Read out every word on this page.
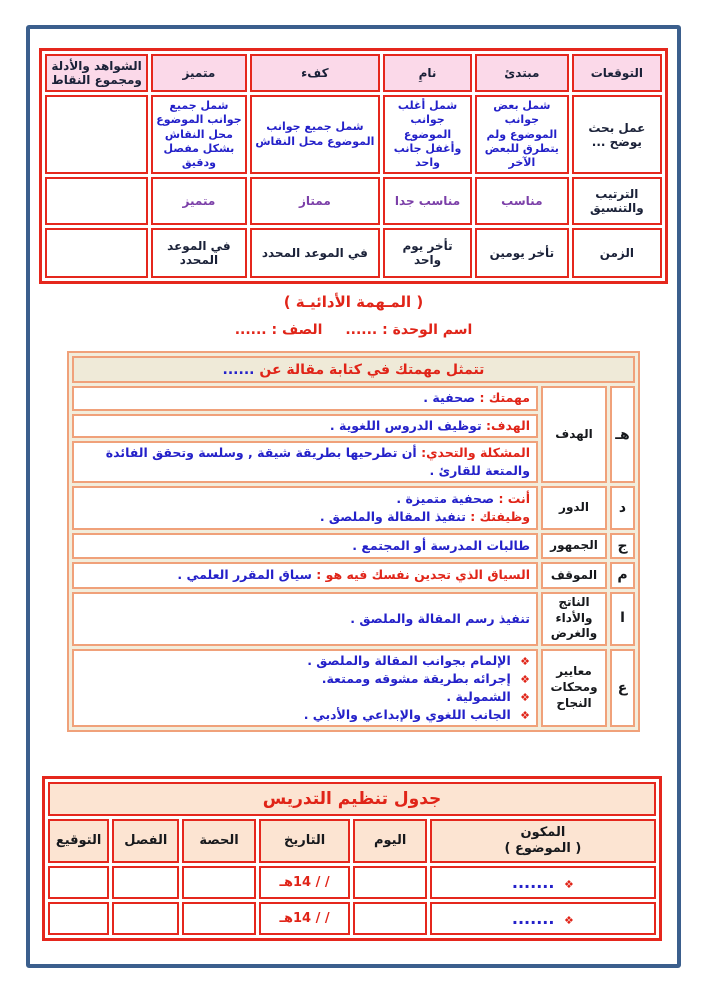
التوقعات	مبتدئ	نامِ	كفء	متميز	الشواهد والأدلة ومجموع النقاط
عمل بحث يوضح ...	شمل بعض جوانب الموضوع ولم يتطرق للبعض الآخر	شمل أغلب جوانب الموضوع وأغفل جانب واحد	شمل جميع جوانب الموضوع محل النقاش	شمل جميع جوانب الموضوع محل النقاش بشكل مفصل ودقيق	
الترتيب والتنسيق	مناسب	مناسب جدا	ممتاز	متميز	
الزمن	تأخر يومين	تأخر يوم واحد	في الموعد المحدد	في الموعد المحدد	
( المـهمة الأدائيـة )
اسم الوحدة : ...... الصف : ......
تتمثل مهمتك في كتابة مقالة عن ......		
هـ	الهدف	مهمتك : صحفية .
		الهدف: توظيف الدروس اللغوية .
		المشكلة والتحدي: أن تطرحيها بطريقة شيقة , وسلسة وتحقق الفائدة والمتعة للقارئ .
د	الدور	أنت : صحفية متميزة .
وظيفتك : تنفيذ المقالة والملصق .

ج	الجمهور	طالبات المدرسة أو المجتمع .
م	الموقف	السياق الذي تجدين نفسك فيه هو : سياق المقرر العلمي .
ا	الناتج والأداء والغرض	تنفيذ رسم المقالة والملصق .
ع	معايير ومحكات النجاح	
❖ الإلمام بجوانب المقالة والملصق .
❖ إجرائه بطريقة مشوقه وممتعة.
❖ الشمولية .
❖ الجانب اللغوي والإبداعي والأدبي .
جدول تنظيم التدريس					

المكون
( الموضوع )	اليوم	التاريخ	الحصة	الفصل	التوقيع
❖ .......		/ / 14هـ			
❖ .......		/ / 14هـ			
